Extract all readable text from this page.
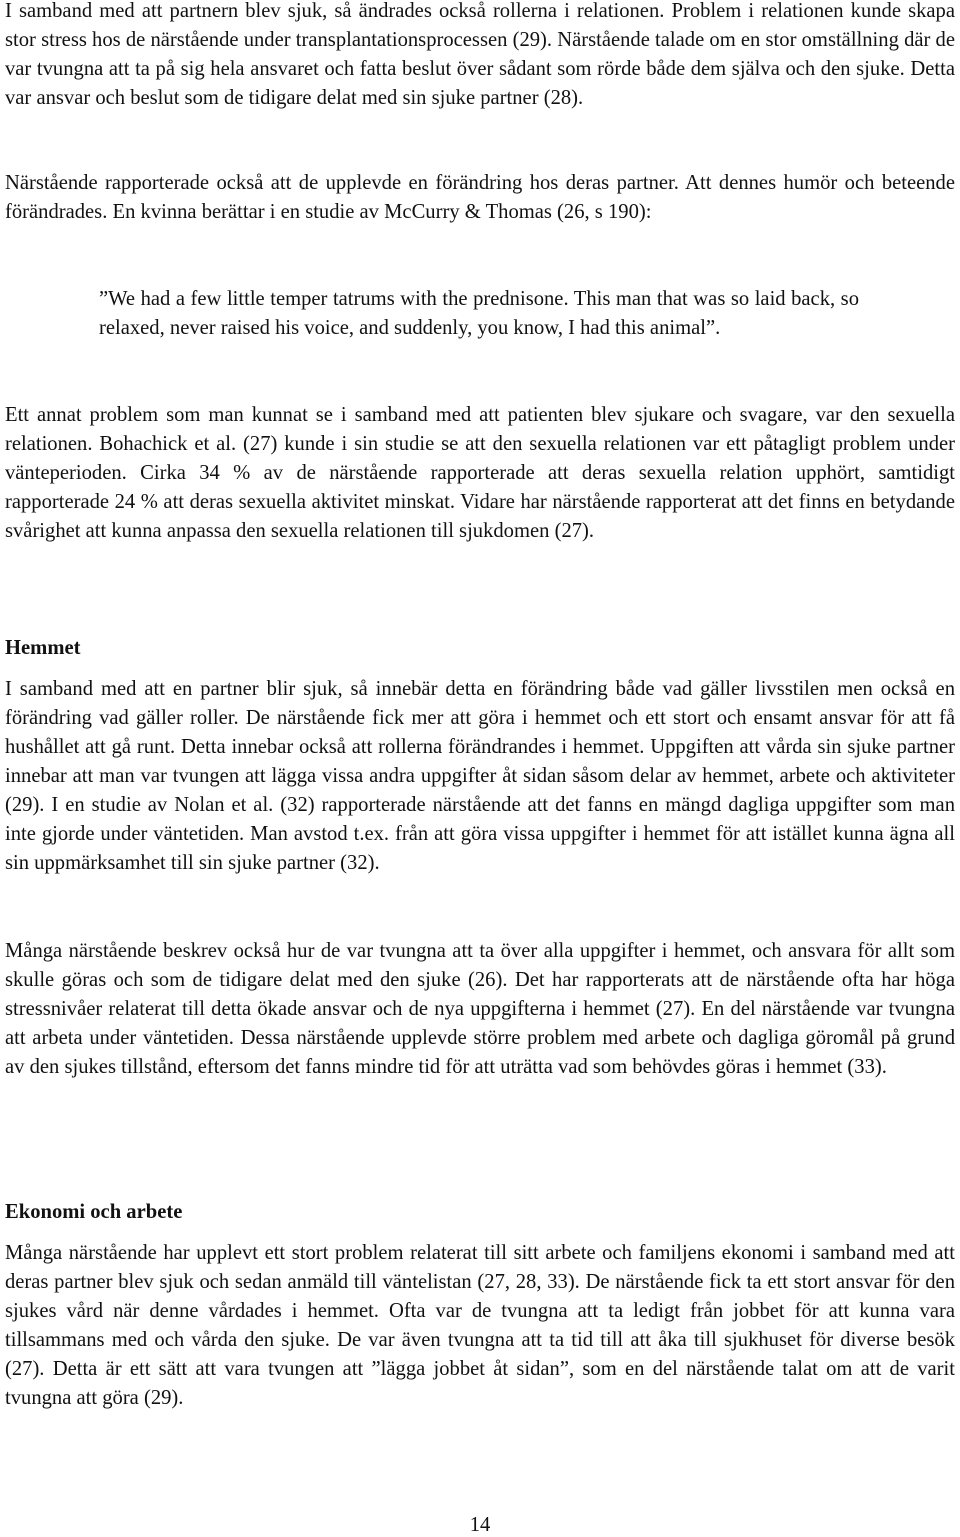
I samband med att partnern blev sjuk, så ändrades också rollerna i relationen. Problem i relationen kunde skapa stor stress hos de närstående under transplantationsprocessen (29). Närstående talade om en stor omställning där de var tvungna att ta på sig hela ansvaret och fatta beslut över sådant som rörde både dem själva och den sjuke. Detta var ansvar och beslut som de tidigare delat med sin sjuke partner (28).

Närstående rapporterade också att de upplevde en förändring hos deras partner. Att dennes humör och beteende förändrades. En kvinna berättar i en studie av McCurry & Thomas (26, s 190):

”We had a few little temper tatrums with the prednisone. This man that was so laid back, so relaxed, never raised his voice, and suddenly, you know, I had this animal”.

Ett annat problem som man kunnat se i samband med att patienten blev sjukare och svagare, var den sexuella relationen. Bohachick et al. (27) kunde i sin studie se att den sexuella relationen var ett påtagligt problem under vänteperioden. Cirka 34 % av de närstående rapporterade att deras sexuella relation upphört, samtidigt rapporterade 24 % att deras sexuella aktivitet minskat. Vidare har närstående rapporterat att det finns en betydande svårighet att kunna anpassa den sexuella relationen till sjukdomen (27).

Hemmet

I samband med att en partner blir sjuk, så innebär detta en förändring både vad gäller livsstilen men också en förändring vad gäller roller. De närstående fick mer att göra i hemmet och ett stort och ensamt ansvar för att få hushållet att gå runt. Detta innebar också att rollerna förändrandes i hemmet. Uppgiften att vårda sin sjuke partner innebar att man var tvungen att lägga vissa andra uppgifter åt sidan såsom delar av hemmet, arbete och aktiviteter (29). I en studie av Nolan et al. (32) rapporterade närstående att det fanns en mängd dagliga uppgifter som man inte gjorde under väntetiden. Man avstod t.ex. från att göra vissa uppgifter i hemmet för att istället kunna ägna all sin uppmärksamhet till sin sjuke partner (32).

Många närstående beskrev också hur de var tvungna att ta över alla uppgifter i hemmet, och ansvara för allt som skulle göras och som de tidigare delat med den sjuke (26). Det har rapporterats att de närstående ofta har höga stressnivåer relaterat till detta ökade ansvar och de nya uppgifterna i hemmet (27). En del närstående var tvungna att arbeta under väntetiden. Dessa närstående upplevde större problem med arbete och dagliga göromål på grund av den sjukes tillstånd, eftersom det fanns mindre tid för att uträtta vad som behövdes göras i hemmet (33).

Ekonomi och arbete

Många närstående har upplevt ett stort problem relaterat till sitt arbete och familjens ekonomi i samband med att deras partner blev sjuk och sedan anmäld till väntelistan (27, 28, 33). De närstående fick ta ett stort ansvar för den sjukes vård när denne vårdades i hemmet. Ofta var de tvungna att ta ledigt från jobbet för att kunna vara tillsammans med och vårda den sjuke. De var även tvungna att ta tid till att åka till sjukhuset för diverse besök (27). Detta är ett sätt att vara tvungen att ”lägga jobbet åt sidan”, som en del närstående talat om att de varit tvungna att göra (29).

14
